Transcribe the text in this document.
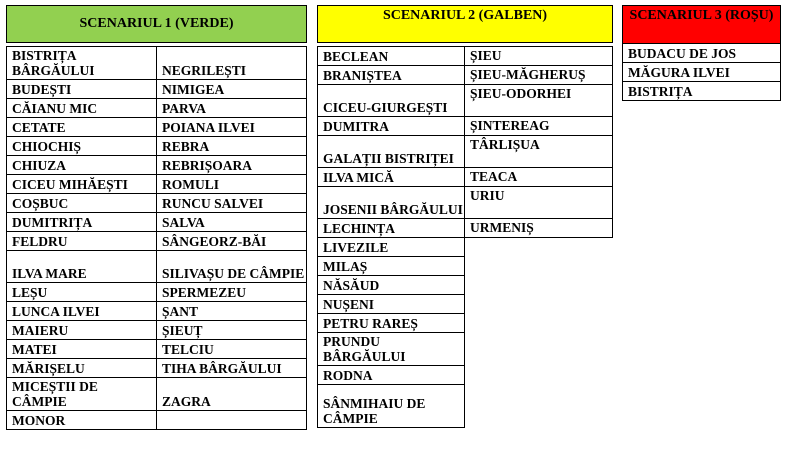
SCENARIUL 1 (VERDE)	

BISTRIȚA BÂRGĂULUI	NEGRILEȘTI
BUDEȘTI	NIMIGEA
CĂIANU MIC	PARVA
CETATE	POIANA ILVEI
CHIOCHIȘ	REBRA
CHIUZA	REBRIȘOARA
CICEU MIHĂEȘTI	ROMULI
COȘBUC	RUNCU SALVEI
DUMITRIȚA	SALVA
FELDRU	SÂNGEORZ-BĂI
ILVA MARE	SILIVAȘU DE CÂMPIE
LEȘU	SPERMEZEU
LUNCA ILVEI	ȘANT
MAIERU	ȘIEUȚ
MATEI	TELCIU
MĂRIȘELU	TIHA BÂRGĂULUI
MICEȘTII DE CÂMPIE	ZAGRA
MONOR	
SCENARIUL 2 (GALBEN)	

BECLEAN	ȘIEU
BRANIȘTEA	ȘIEU-MĂGHERUȘ
CICEU-GIURGEȘTI	ȘIEU-ODORHEI
DUMITRA	ȘINTEREAG
GALAȚII BISTRIȚEI	TÂRLIȘUA
ILVA MICĂ	TEACA
JOSENII BÂRGĂULUI	URIU
LECHINȚA	URMENIȘ
LIVEZILE	
MILAȘ	
NĂSĂUD	
NUȘENI	
PETRU RAREȘ	
PRUNDU BÂRGĂULUI	
RODNA	
SÂNMIHAIU DE CÂMPIE	
SCENARIUL 3 (ROȘU)
BUDACU DE JOS
MĂGURA ILVEI
BISTRIȚA
